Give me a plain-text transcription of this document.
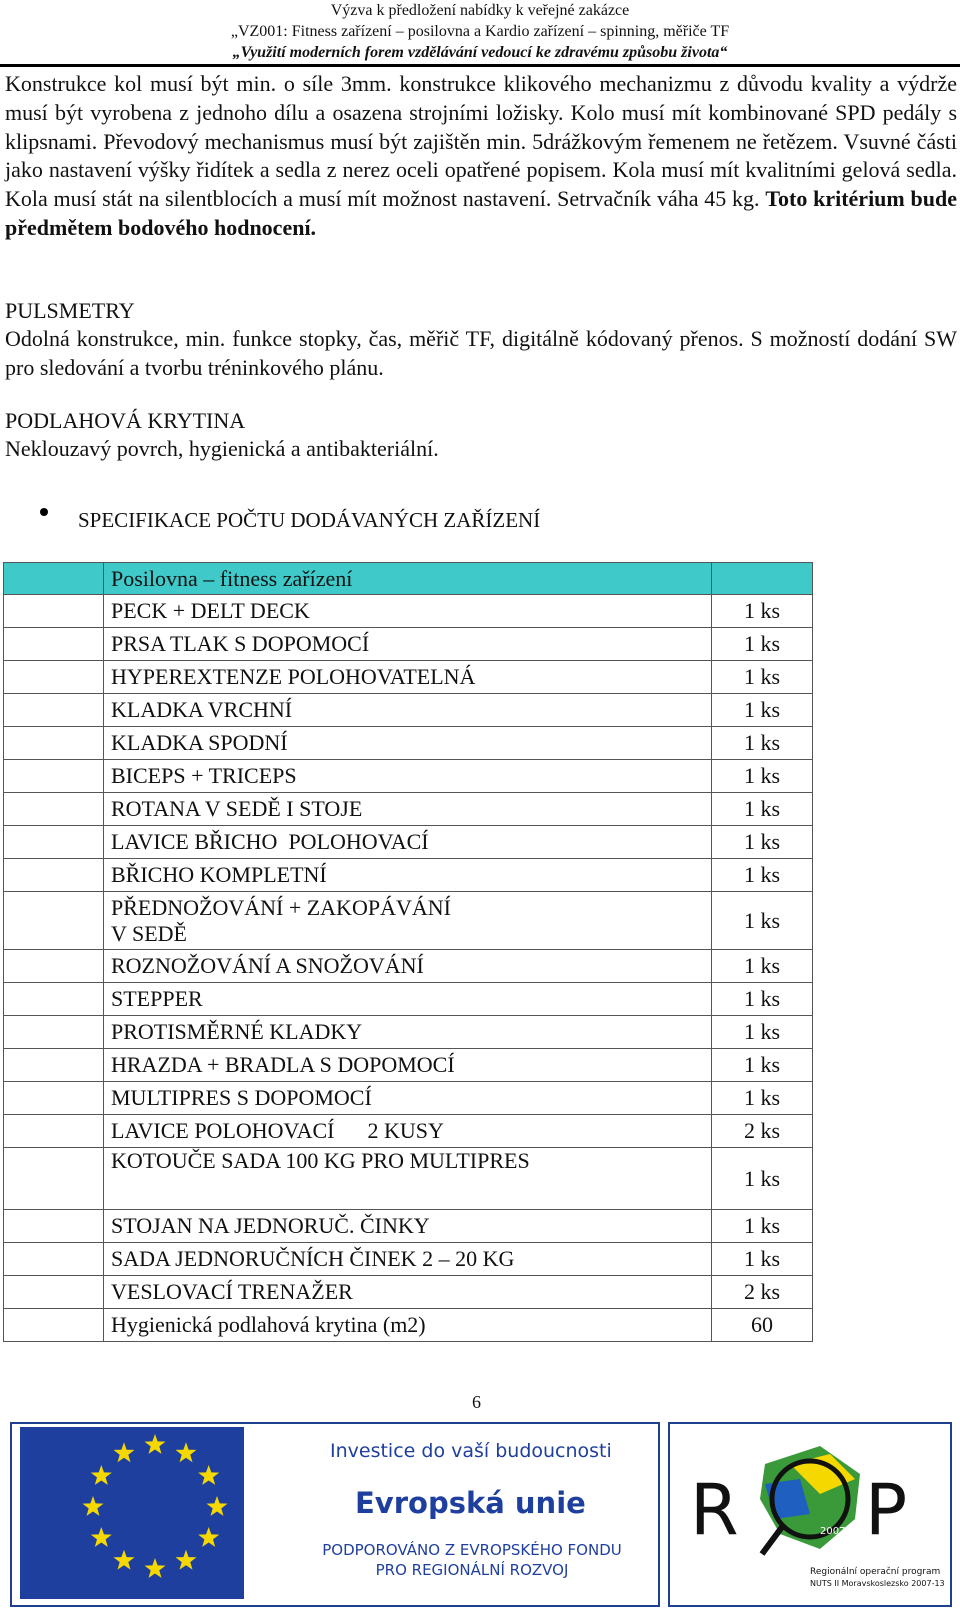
Výzva k předložení nabídky k veřejné zakázce
„VZ001: Fitness zařízení – posilovna a Kardio zařízení – spinning, měřiče TF
„Využití moderních forem vzdělávání vedoucí ke zdravému způsobu života“
Konstrukce kol musí být min. o síle 3mm. konstrukce klikového mechanizmu z důvodu kvality a výdrže musí být vyrobena z jednoho dílu a osazena strojními ložisky. Kolo musí mít kombinované SPD pedály s klipsnami. Převodový mechanismus musí být zajištěn min. 5drážkovým řemenem ne řetězem. Vsuvné části jako nastavení výšky řidítek a sedla z nerez oceli opatřené popisem. Kola musí mít kvalitními gelová sedla. Kola musí stát na silentblocích a musí mít možnost nastavení. Setrvačník váha 45 kg. Toto kritérium bude předmětem bodového hodnocení.
PULSMETRY
Odolná konstrukce, min. funkce stopky, čas, měřič TF, digitálně kódovaný přenos. S možností dodání SW pro sledování a tvorbu tréninkového plánu.
PODLAHOVÁ KRYTINA
Neklouzavý povrch, hygienická a antibakteriální.
SPECIFIKACE POČTU DODÁVANÝCH ZAŘÍZENÍ
	Posilovna – fitness zařízení	
	PECK + DELT DECK	1 ks
	PRSA TLAK S DOPOMOCÍ	1 ks
	HYPEREXTENZE POLOHOVATELNÁ	1 ks
	KLADKA VRCHNÍ	1 ks
	KLADKA SPODNÍ	1 ks
	BICEPS + TRICEPS	1 ks
	ROTANA V SEDĚ I STOJE	1 ks
	LAVICE BŘICHO  POLOHOVACÍ	1 ks
	BŘICHO KOMPLETNÍ	1 ks
	PŘEDNOŽOVÁNÍ + ZAKOPÁVÁNÍ
V SEDĚ	1 ks
	ROZNOŽOVÁNÍ A SNOŽOVÁNÍ	1 ks
	STEPPER	1 ks
	PROTISMĚRNÉ KLADKY	1 ks
	HRAZDA + BRADLA S DOPOMOCÍ	1 ks
	MULTIPRES S DOPOMOCÍ	1 ks
	LAVICE POLOHOVACÍ      2 KUSY	2 ks
	KOTOUČE SADA 100 KG PRO MULTIPRES	1 ks
	STOJAN NA JEDNORUČ. ČINKY	1 ks
	SADA JEDNORUČNÍCH ČINEK 2 – 20 KG	1 ks
	VESLOVACÍ TRENAŽER	2 ks
	Hygienická podlahová krytina (m2)	60
6
Investice do vaší budoucnosti
Evropská unie
PODPOROVÁNO Z EVROPSKÉHO FONDU
PRO REGIONÁLNÍ ROZVOJ
R P
2007-13
Regionální operační program
NUTS II Moravskoslezsko 2007-13
